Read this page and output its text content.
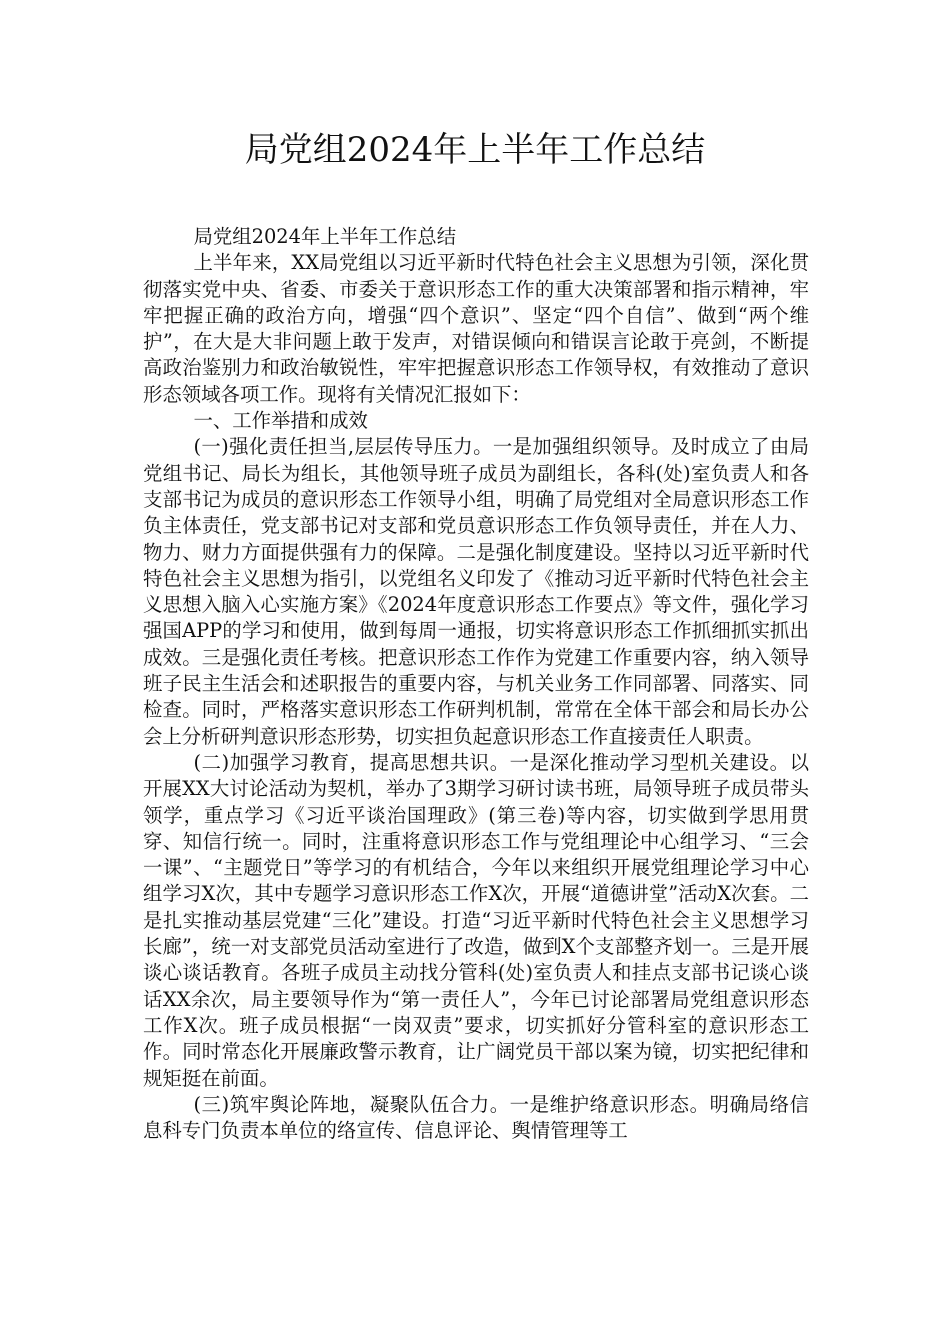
局党组2024年上半年工作总结

局党组2024年上半年工作总结

上半年来，XX局党组以习近平新时代特色社会主义思想为引领，深化贯彻落实党中央、省委、市委关于意识形态工作的重大决策部署和指示精神，牢牢把握正确的政治方向，增强“四个意识”、坚定“四个自信”、做到“两个维护”，在大是大非问题上敢于发声，对错误倾向和错误言论敢于亮剑，不断提高政治鉴别力和政治敏锐性，牢牢把握意识形态工作领导权，有效推动了意识形态领域各项工作。现将有关情况汇报如下：

一、工作举措和成效

(一)强化责任担当,层层传导压力。一是加强组织领导。及时成立了由局党组书记、局长为组长，其他领导班子成员为副组长，各科(处)室负责人和各支部书记为成员的意识形态工作领导小组，明确了局党组对全局意识形态工作负主体责任，党支部书记对支部和党员意识形态工作负领导责任，并在人力、物力、财力方面提供强有力的保障。二是强化制度建设。坚持以习近平新时代特色社会主义思想为指引，以党组名义印发了《推动习近平新时代特色社会主义思想入脑入心实施方案》《2024年度意识形态工作要点》等文件，强化学习强国APP的学习和使用，做到每周一通报，切实将意识形态工作抓细抓实抓出成效。三是强化责任考核。把意识形态工作作为党建工作重要内容，纳入领导班子民主生活会和述职报告的重要内容，与机关业务工作同部署、同落实、同检查。同时，严格落实意识形态工作研判机制，常常在全体干部会和局长办公会上分析研判意识形态形势，切实担负起意识形态工作直接责任人职责。

(二)加强学习教育，提高思想共识。一是深化推动学习型机关建设。以开展XX大讨论活动为契机，举办了3期学习研讨读书班，局领导班子成员带头领学，重点学习《习近平谈治国理政》(第三卷)等内容，切实做到学思用贯穿、知信行统一。同时，注重将意识形态工作与党组理论中心组学习、“三会一课”、“主题党日”等学习的有机结合，今年以来组织开展党组理论学习中心组学习X次，其中专题学习意识形态工作X次，开展“道德讲堂”活动X次套。二是扎实推动基层党建“三化”建设。打造“习近平新时代特色社会主义思想学习长廊”，统一对支部党员活动室进行了改造，做到X个支部整齐划一。三是开展谈心谈话教育。各班子成员主动找分管科(处)室负责人和挂点支部书记谈心谈话XX余次，局主要领导作为“第一责任人”，今年已讨论部署局党组意识形态工作X次。班子成员根据“一岗双责”要求，切实抓好分管科室的意识形态工作。同时常态化开展廉政警示教育，让广阔党员干部以案为镜，切实把纪律和规矩挺在前面。

(三)筑牢舆论阵地，凝聚队伍合力。一是维护络意识形态。明确局络信息科专门负责本单位的络宣传、信息评论、舆情管理等工
